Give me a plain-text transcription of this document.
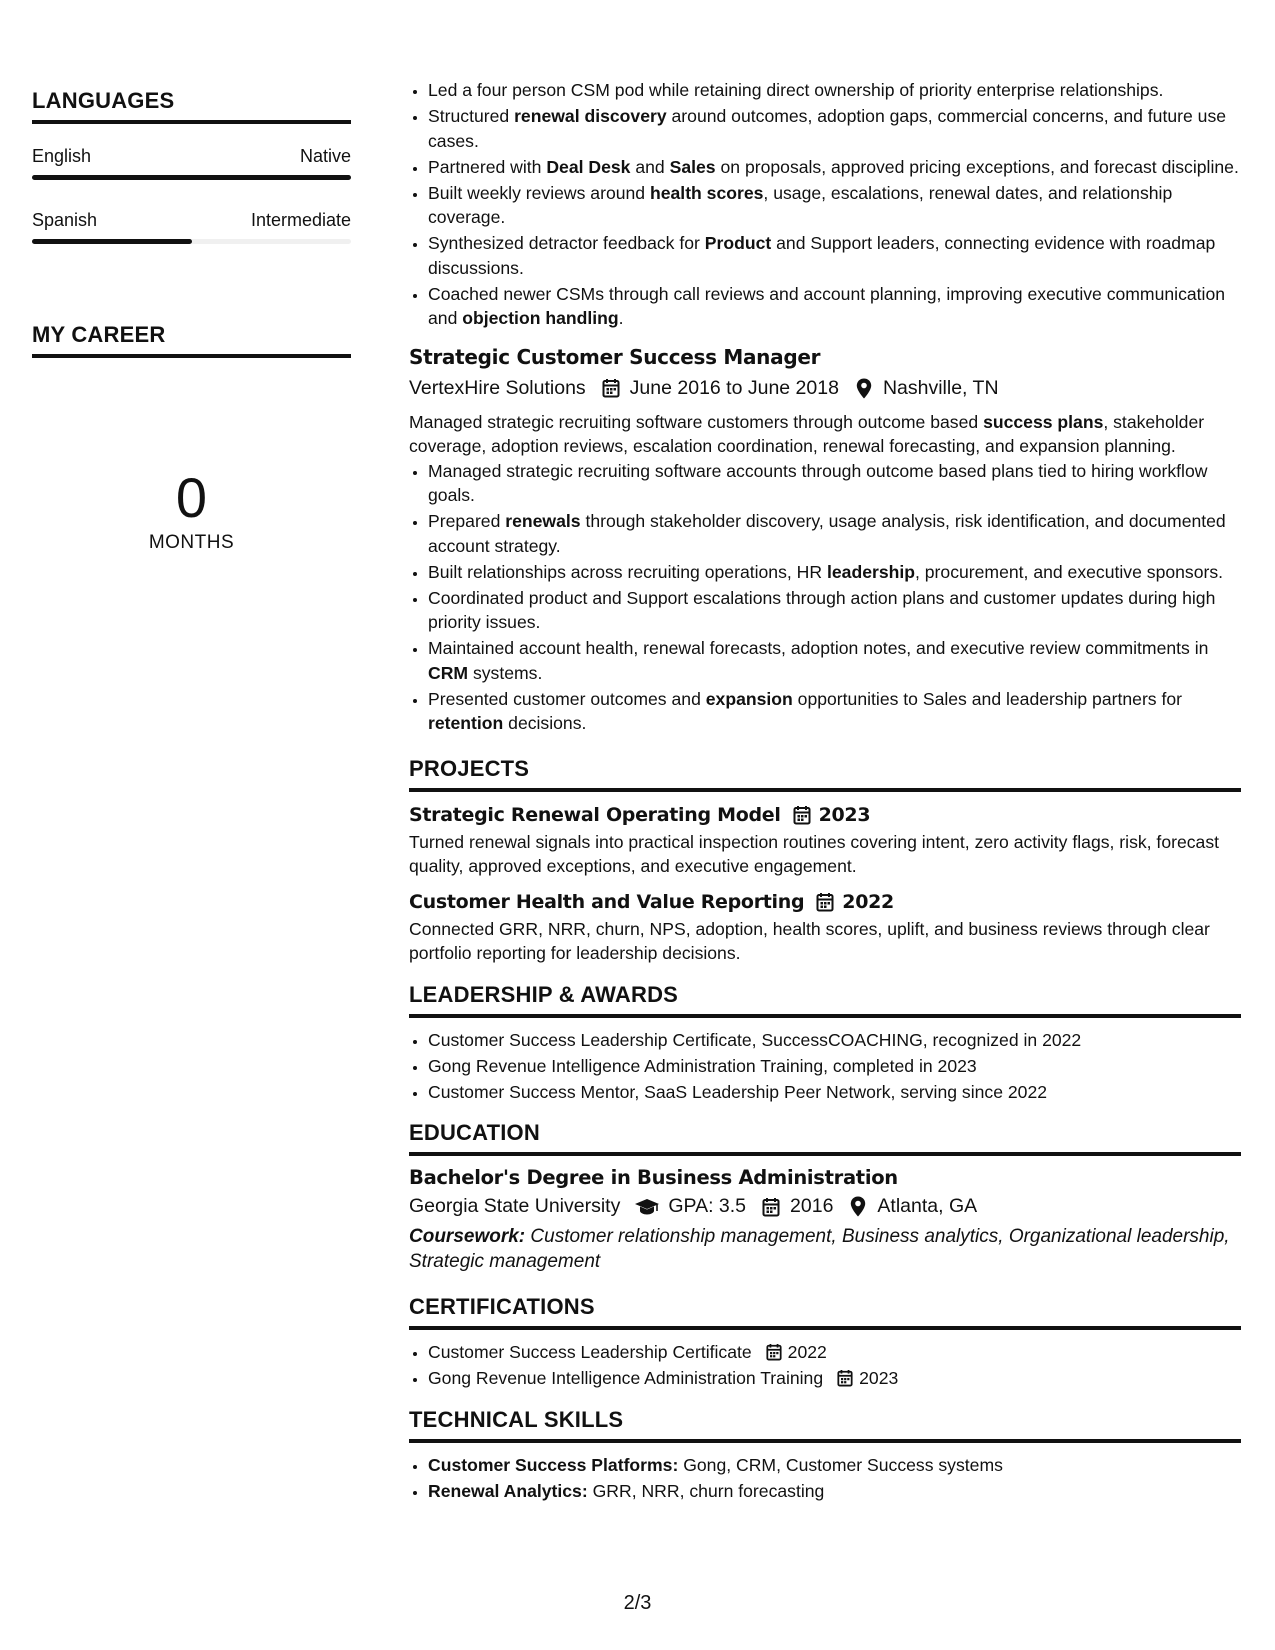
LANGUAGES
English	Native
Spanish	Intermediate
MY CAREER
0
MONTHS
• Led a four person CSM pod while retaining direct ownership of priority enterprise relationships.
• Structured renewal discovery around outcomes, adoption gaps, commercial concerns, and future use cases.
• Partnered with Deal Desk and Sales on proposals, approved pricing exceptions, and forecast discipline.
• Built weekly reviews around health scores, usage, escalations, renewal dates, and relationship coverage.
• Synthesized detractor feedback for Product and Support leaders, connecting evidence with roadmap discussions.
• Coached newer CSMs through call reviews and account planning, improving executive communication and objection handling.
Strategic Customer Success Manager
VertexHire Solutions June 2016 to June 2018 Nashville, TN
Managed strategic recruiting software customers through outcome based success plans, stakeholder coverage, adoption reviews, escalation coordination, renewal forecasting, and expansion planning.
• Managed strategic recruiting software accounts through outcome based plans tied to hiring workflow goals.
• Prepared renewals through stakeholder discovery, usage analysis, risk identification, and documented account strategy.
• Built relationships across recruiting operations, HR leadership, procurement, and executive sponsors.
• Coordinated product and Support escalations through action plans and customer updates during high priority issues.
• Maintained account health, renewal forecasts, adoption notes, and executive review commitments in CRM systems.
• Presented customer outcomes and expansion opportunities to Sales and leadership partners for retention decisions.
PROJECTS
Strategic Renewal Operating Model 2023
Turned renewal signals into practical inspection routines covering intent, zero activity flags, risk, forecast quality, approved exceptions, and executive engagement.
Customer Health and Value Reporting 2022
Connected GRR, NRR, churn, NPS, adoption, health scores, uplift, and business reviews through clear portfolio reporting for leadership decisions.
LEADERSHIP & AWARDS
• Customer Success Leadership Certificate, SuccessCOACHING, recognized in 2022
• Gong Revenue Intelligence Administration Training, completed in 2023
• Customer Success Mentor, SaaS Leadership Peer Network, serving since 2022
EDUCATION
Bachelor's Degree in Business Administration
Georgia State University GPA: 3.5 2016 Atlanta, GA
Coursework: Customer relationship management, Business analytics, Organizational leadership, Strategic management
CERTIFICATIONS
• Customer Success Leadership Certificate 2022
• Gong Revenue Intelligence Administration Training 2023
TECHNICAL SKILLS
• Customer Success Platforms: Gong, CRM, Customer Success systems
• Renewal Analytics: GRR, NRR, churn forecasting
2/3
